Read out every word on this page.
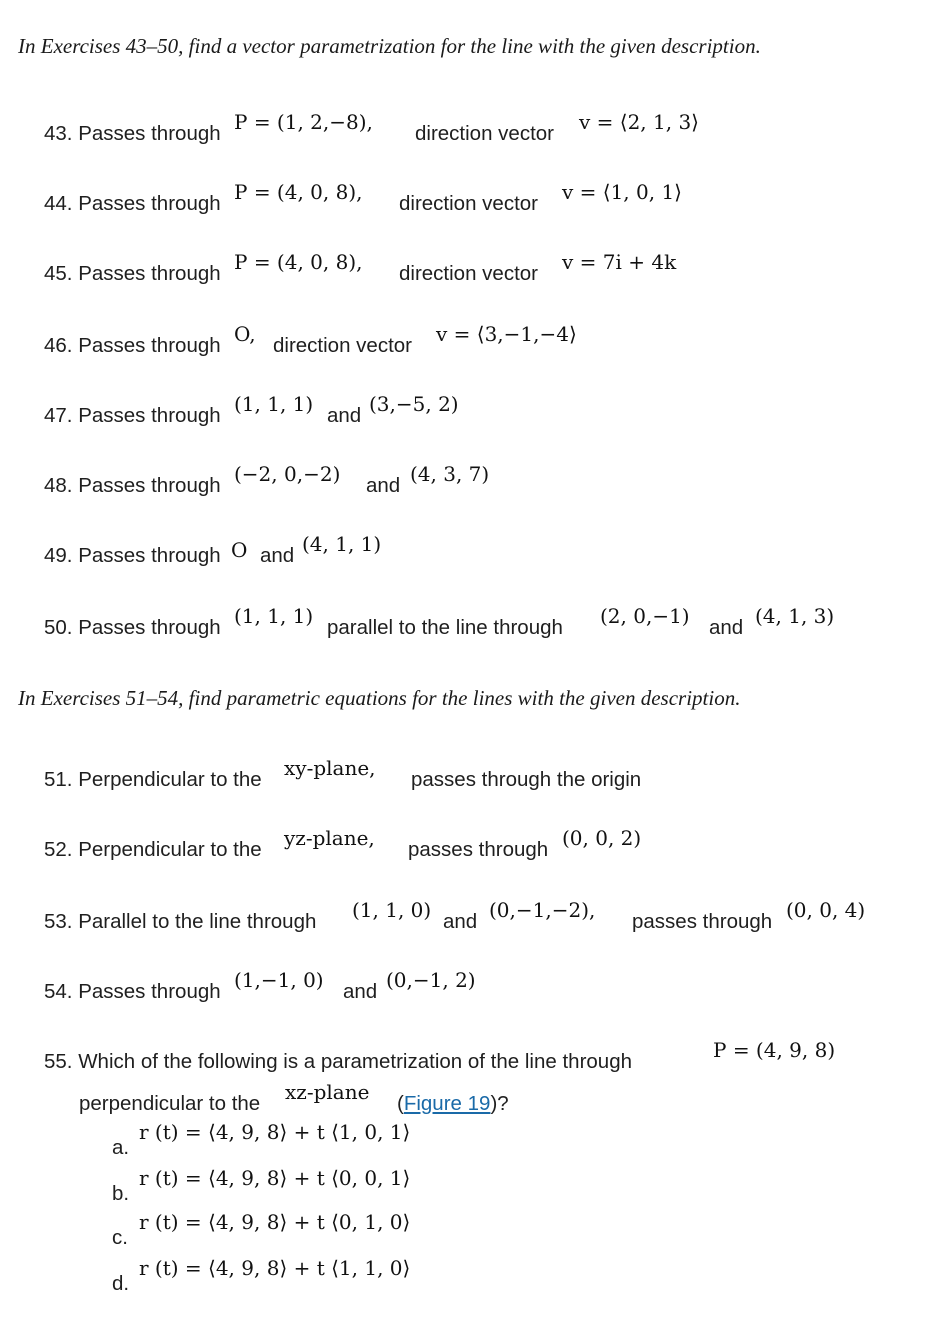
In Exercises 43–50, find a vector parametrization for the line with the given description.
43. Passes through P = (1, 2,−8), direction vector v = ⟨2, 1, 3⟩
44. Passes through P = (4, 0, 8), direction vector v = ⟨1, 0, 1⟩
45. Passes through P = (4, 0, 8), direction vector v = 7i + 4k
46. Passes through O, direction vector v = ⟨3,−1,−4⟩
47. Passes through (1, 1, 1) and (3,−5, 2)
48. Passes through (−2, 0,−2) and (4, 3, 7)
49. Passes through O and (4, 1, 1)
50. Passes through (1, 1, 1) parallel to the line through (2, 0,−1) and (4, 1, 3)
In Exercises 51–54, find parametric equations for the lines with the given description.
51. Perpendicular to the xy-plane, passes through the origin
52. Perpendicular to the yz-plane, passes through (0, 0, 2)
53. Parallel to the line through (1, 1, 0) and (0,−1,−2), passes through (0, 0, 4)
54. Passes through (1,−1, 0) and (0,−1, 2)
55. Which of the following is a parametrization of the line through	P = (4, 9, 8)
perpendicular to the xz-plane (Figure 19)?
a.
r (t) = ⟨4, 9, 8⟩ + t ⟨1, 0, 1⟩
b.
r (t) = ⟨4, 9, 8⟩ + t ⟨0, 0, 1⟩
c.
r (t) = ⟨4, 9, 8⟩ + t ⟨0, 1, 0⟩
d.
r (t) = ⟨4, 9, 8⟩ + t ⟨1, 1, 0⟩
